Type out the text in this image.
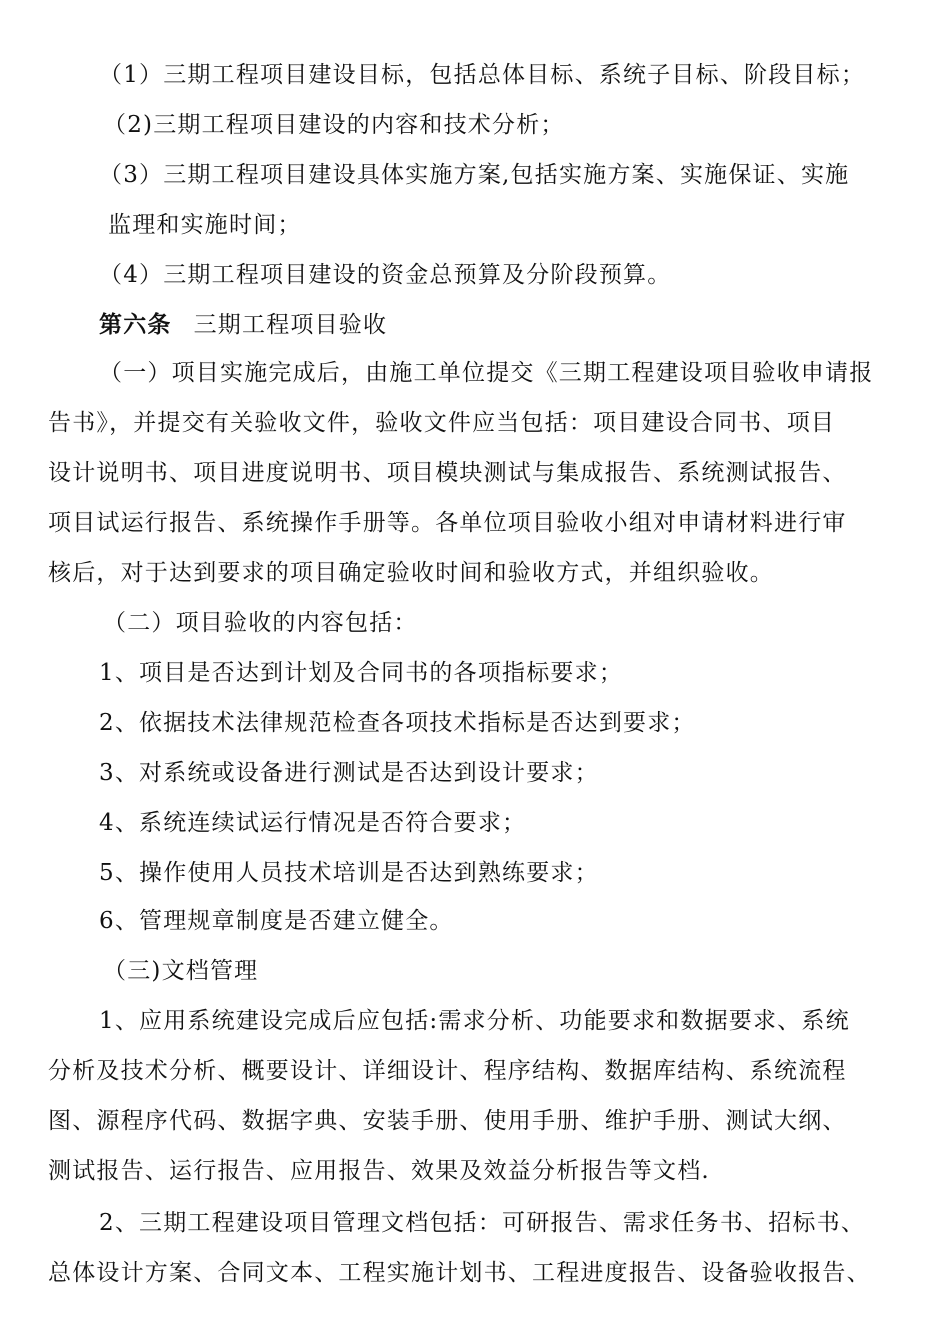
（1）三期工程项目建设目标，包括总体目标、系统子目标、阶段目标；
（2)三期工程项目建设的内容和技术分析；
（3）三期工程项目建设具体实施方案,包括实施方案、实施保证、实施
监理和实施时间；
（4）三期工程项目建设的资金总预算及分阶段预算。
第六条 三期工程项目验收
（一）项目实施完成后，由施工单位提交《三期工程建设项目验收申请报
告书》，并提交有关验收文件，验收文件应当包括：项目建设合同书、项目
设计说明书、项目进度说明书、项目模块测试与集成报告、系统测试报告、
项目试运行报告、系统操作手册等。各单位项目验收小组对申请材料进行审
核后，对于达到要求的项目确定验收时间和验收方式，并组织验收。
（二）项目验收的内容包括：
1、项目是否达到计划及合同书的各项指标要求；
2、依据技术法律规范检查各项技术指标是否达到要求；
3、对系统或设备进行测试是否达到设计要求；
4、系统连续试运行情况是否符合要求；
5、操作使用人员技术培训是否达到熟练要求；
6、管理规章制度是否建立健全。
（三)文档管理
1、应用系统建设完成后应包括:需求分析、功能要求和数据要求、系统
分析及技术分析、概要设计、详细设计、程序结构、数据库结构、系统流程
图、源程序代码、数据字典、安装手册、使用手册、维护手册、测试大纲、
测试报告、运行报告、应用报告、效果及效益分析报告等文档.
2、三期工程建设项目管理文档包括：可研报告、需求任务书、招标书、
总体设计方案、合同文本、工程实施计划书、工程进度报告、设备验收报告、
